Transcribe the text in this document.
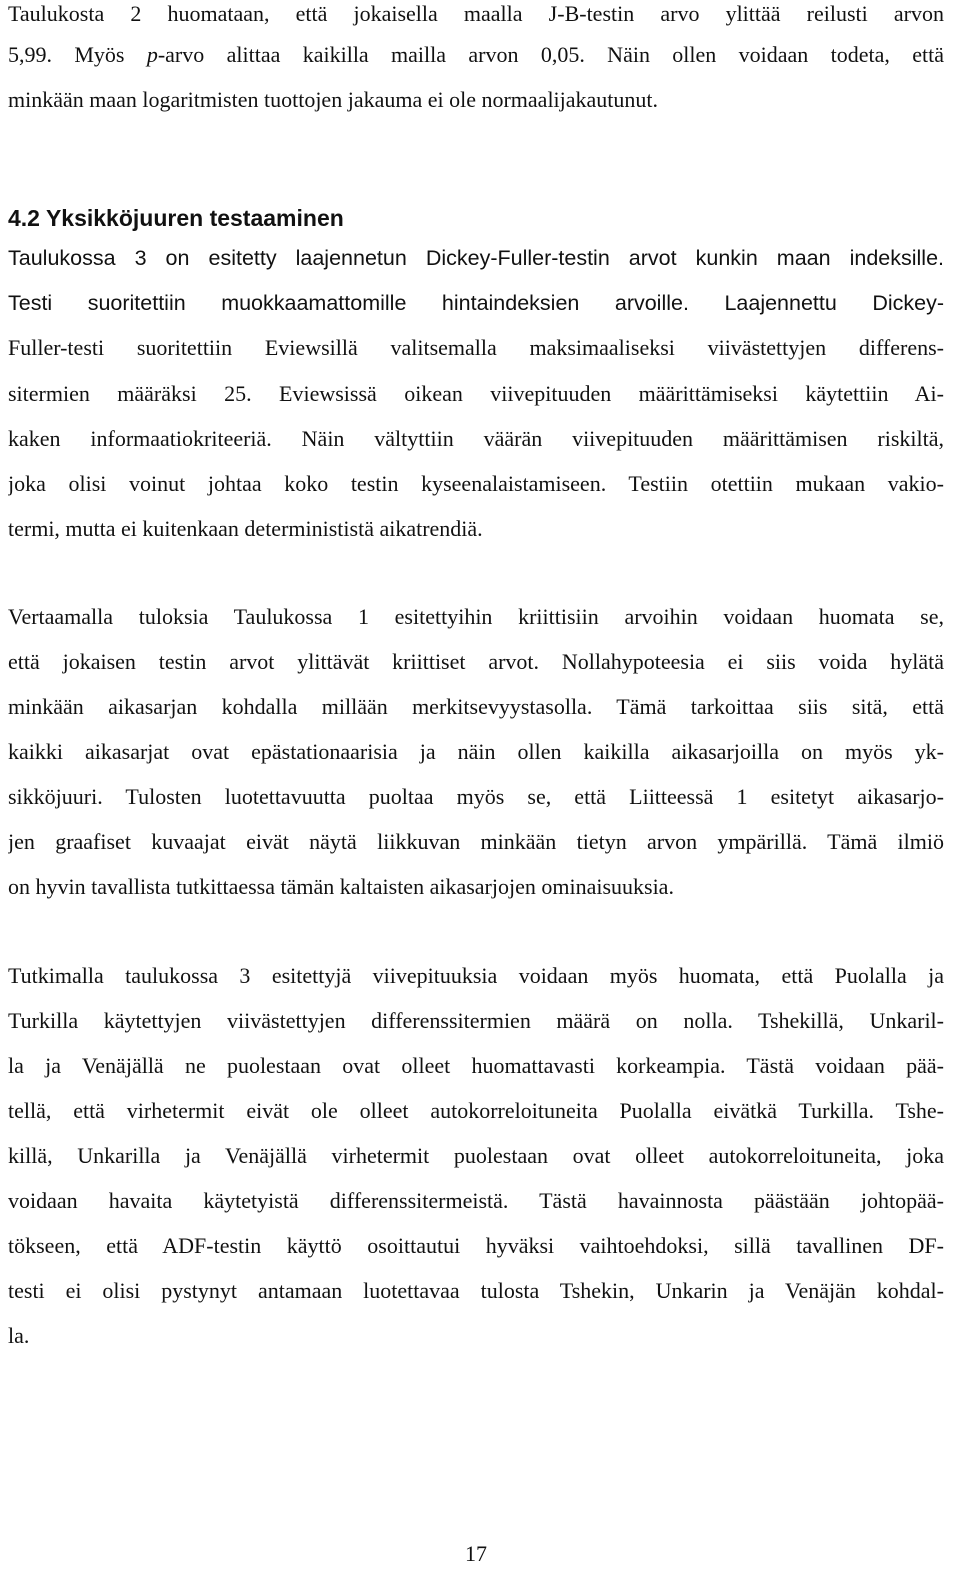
Taulukosta 2 huomataan, että jokaisella maalla J-B-testin arvo ylittää reilusti arvon
5,99. Myös p-arvo alittaa kaikilla mailla arvon 0,05. Näin ollen voidaan todeta, että
minkään maan logaritmisten tuottojen jakauma ei ole normaalijakautunut.
4.2 Yksikköjuuren testaaminen
Taulukossa 3 on esitetty laajennetun Dickey-Fuller-testin arvot kunkin maan indeksille.
Testi suoritettiin muokkaamattomille hintaindeksien arvoille. Laajennettu Dickey-
Fuller-testi suoritettiin Eviewsillä valitsemalla maksimaaliseksi viivästettyjen differens-
sitermien määräksi 25. Eviewsissä oikean viivepituuden määrittämiseksi käytettiin Ai-
kaken informaatiokriteeriä. Näin vältyttiin väärän viivepituuden määrittämisen riskiltä,
joka olisi voinut johtaa koko testin kyseenalaistamiseen. Testiin otettiin mukaan vakio-
termi, mutta ei kuitenkaan determinististä aikatrendiä.
Vertaamalla tuloksia Taulukossa 1 esitettyihin kriittisiin arvoihin voidaan huomata se,
että jokaisen testin arvot ylittävät kriittiset arvot. Nollahypoteesia ei siis voida hylätä
minkään aikasarjan kohdalla millään merkitsevyystasolla. Tämä tarkoittaa siis sitä, että
kaikki aikasarjat ovat epästationaarisia ja näin ollen kaikilla aikasarjoilla on myös yk-
sikköjuuri. Tulosten luotettavuutta puoltaa myös se, että Liitteessä 1 esitetyt aikasarjo-
jen graafiset kuvaajat eivät näytä liikkuvan minkään tietyn arvon ympärillä. Tämä ilmiö
on hyvin tavallista tutkittaessa tämän kaltaisten aikasarjojen ominaisuuksia.
Tutkimalla taulukossa 3 esitettyjä viivepituuksia voidaan myös huomata, että Puolalla ja
Turkilla käytettyjen viivästettyjen differenssitermien määrä on nolla. Tshekillä, Unkaril-
la ja Venäjällä ne puolestaan ovat olleet huomattavasti korkeampia. Tästä voidaan pää-
tellä, että virhetermit eivät ole olleet autokorreloituneita Puolalla eivätkä Turkilla. Tshe-
killä, Unkarilla ja Venäjällä virhetermit puolestaan ovat olleet autokorreloituneita, joka
voidaan havaita käytetyistä differenssitermeistä. Tästä havainnosta päästään johtopää-
tökseen, että ADF-testin käyttö osoittautui hyväksi vaihtoehdoksi, sillä tavallinen DF-
testi ei olisi pystynyt antamaan luotettavaa tulosta Tshekin, Unkarin ja Venäjän kohdal-
la.
17
